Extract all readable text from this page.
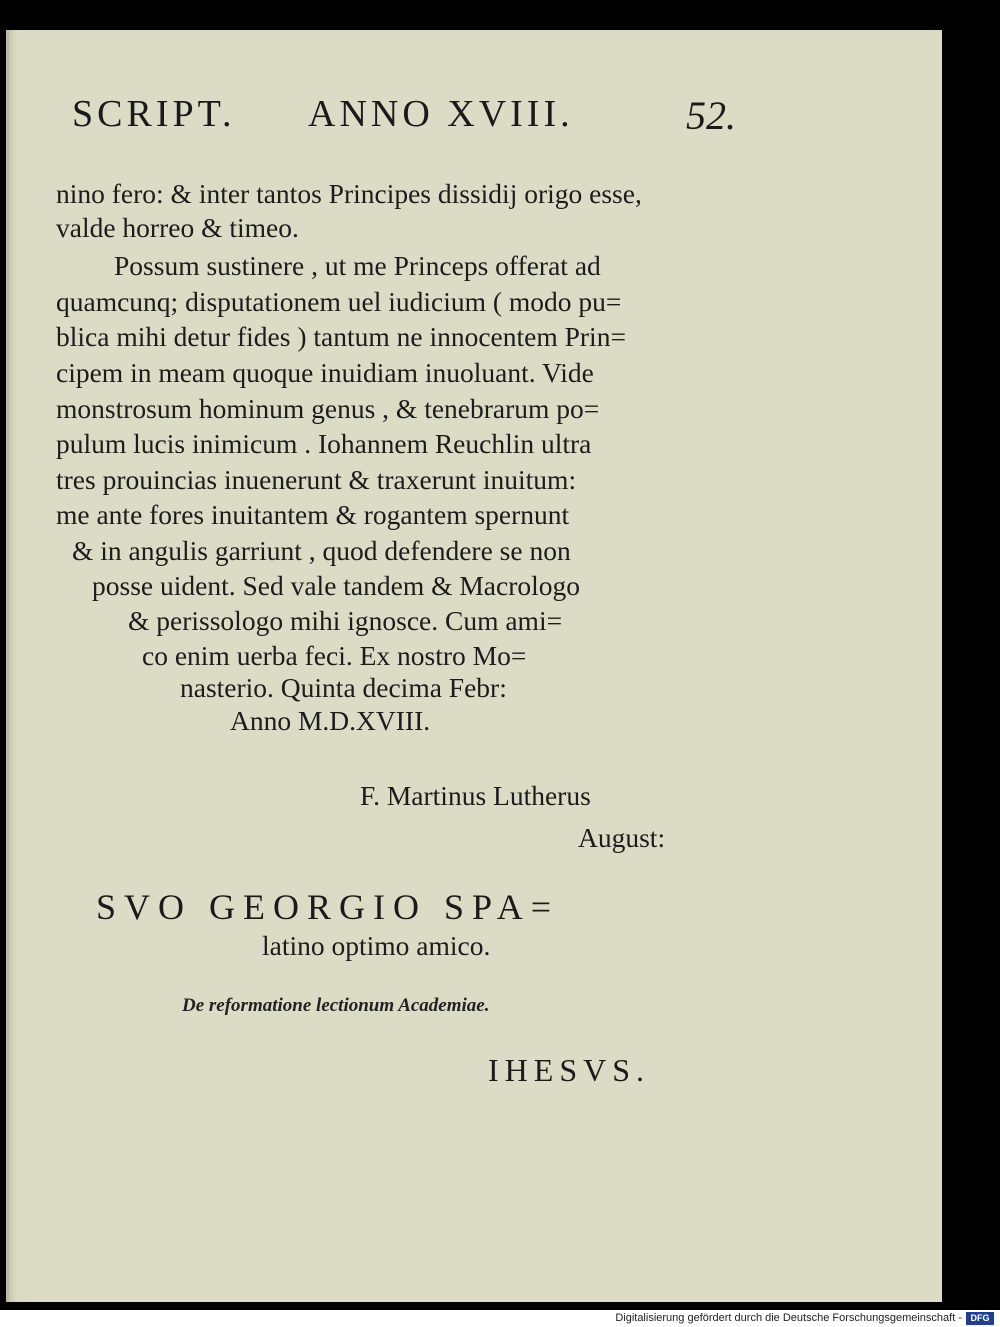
SCRIPT. ANNO XVIII.	52.

nino fero: & inter tantos Principes dissidij origo esse,

valde horreo & timeo.

Possum sustinere , ut me Princeps offerat ad

quamcunq; disputationem uel iudicium ( modo pu=

blica mihi detur fides ) tantum ne innocentem Prin=

cipem in meam quoque inuidiam inuoluant. Vide

monstrosum hominum genus , & tenebrarum po=

pulum lucis inimicum . Iohannem Reuchlin ultra

tres prouincias inuenerunt & traxerunt inuitum:

me ante fores inuitantem & rogantem spernunt

& in angulis garriunt , quod defendere se non

posse uident. Sed vale tandem & Macrologo

& perissologo mihi ignosce. Cum ami=

co enim uerba feci. Ex nostro Mo=

nasterio. Quinta decima Febr:

Anno M.D.XVIII.

F. Martinus Lutherus

August:

SVO GEORGIO SPA=

latino optimo amico.

De reformatione lectionum Academiae.
IHESVS.
Digitalisierung gefördert durch die Deutsche Forschungsgemeinschaft - DFG
